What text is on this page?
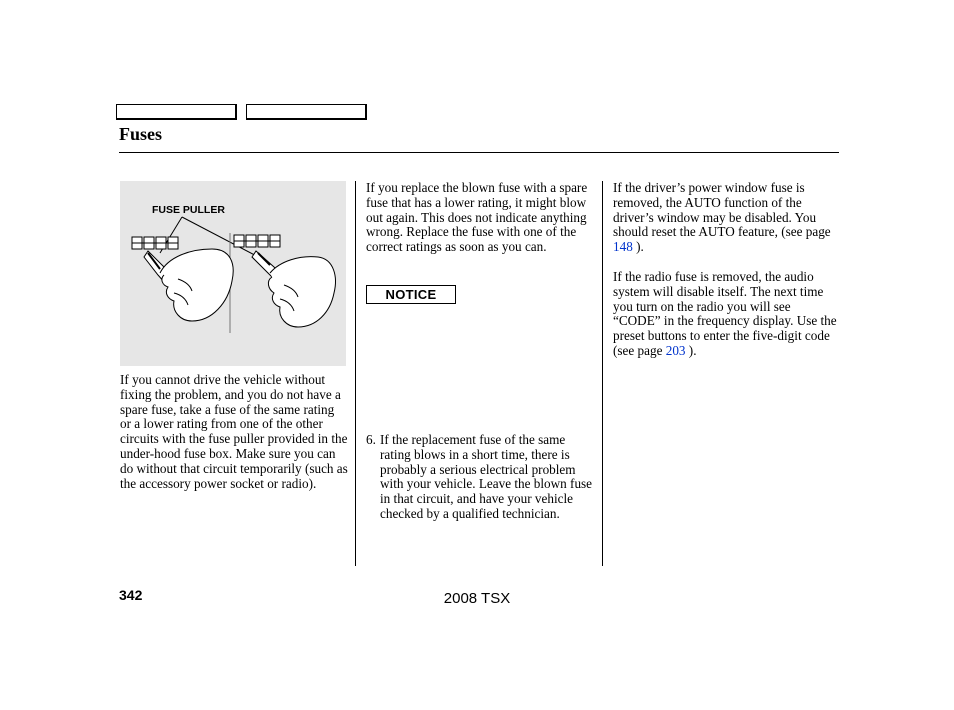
Fuses
FUSE PULLER

If you cannot drive the vehicle without fixing the problem, and you do not have a spare fuse, take a fuse of the same rating or a lower rating from one of the other circuits with the fuse puller provided in the under-hood fuse box. Make sure you can do without that circuit temporarily (such as the accessory power socket or radio).

If you replace the blown fuse with a spare fuse that has a lower rating, it might blow out again. This does not indicate anything wrong. Replace the fuse with one of the correct ratings as soon as you can.

NOTICE
6. If the replacement fuse of the same rating blows in a short time, there is probably a serious electrical problem with your vehicle. Leave the blown fuse in that circuit, and have your vehicle checked by a qualified technician.

If the driver’s power window fuse is removed, the AUTO function of the driver’s window may be disabled. You should reset the AUTO feature, (see page 148 ).

If the radio fuse is removed, the audio system will disable itself. The next time you turn on the radio you will see “CODE” in the frequency display. Use the preset buttons to enter the five-digit code (see page 203 ).

342	2008 TSX
